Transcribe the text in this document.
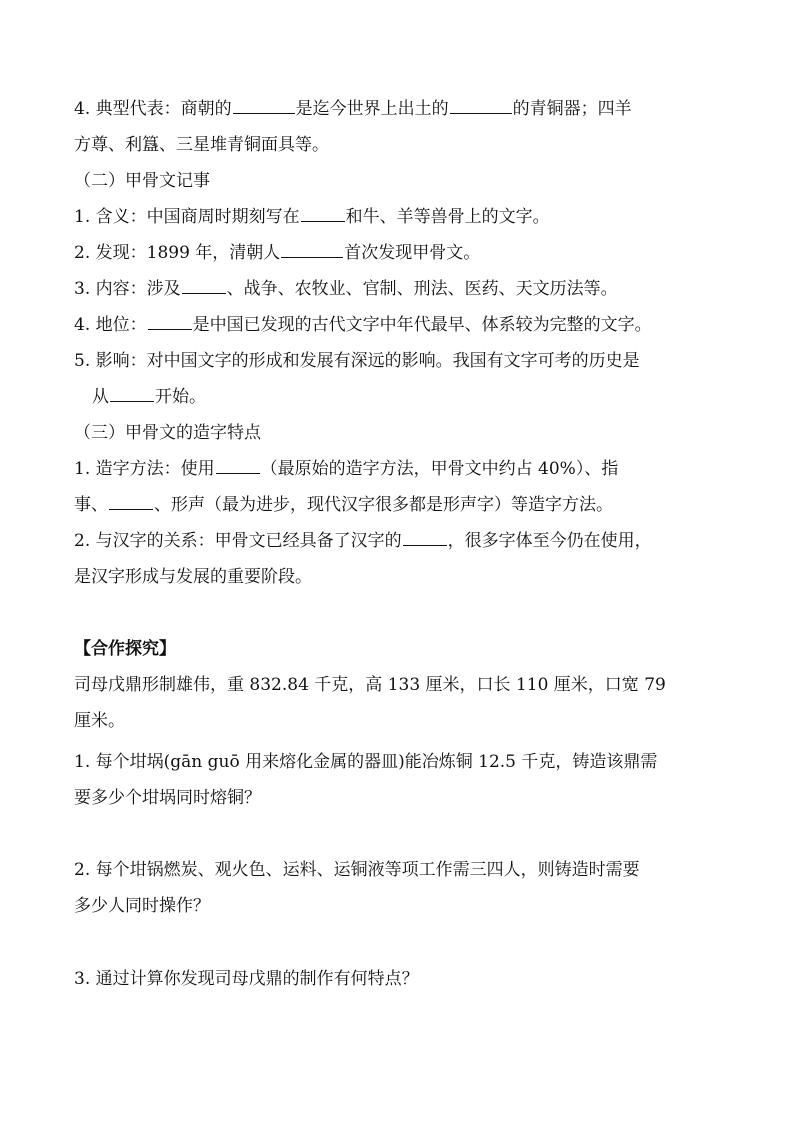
4. 典型代表：商朝的	是迄今世界上出土的	的青铜器；四羊
方尊、利簋、三星堆青铜面具等。
（二）甲骨文记事
1. 含义：中国商周时期刻写在	和牛、羊等兽骨上的文字。
2. 发现：1899 年，清朝人	首次发现甲骨文。
3. 内容：涉及	、战争、农牧业、官制、刑法、医药、天文历法等。
4. 地位：	是中国已发现的古代文字中年代最早、体系较为完整的文字。
5. 影响：对中国文字的形成和发展有深远的影响。我国有文字可考的历史是
从	开始。
（三）甲骨文的造字特点
1. 造字方法：使用	（最原始的造字方法，甲骨文中约占 40%）、指
事、	、形声（最为进步，现代汉字很多都是形声字）等造字方法。
2. 与汉字的关系：甲骨文已经具备了汉字的	，很多字体至今仍在使用，
是汉字形成与发展的重要阶段。
【合作探究】
司母戊鼎形制雄伟，重 832.84 千克，高 133 厘米，口长 110 厘米，口宽 79
厘米。
1. 每个坩埚(gān guō 用来熔化金属的器皿)能冶炼铜 12.5 千克，铸造该鼎需
要多少个坩埚同时熔铜？
2. 每个坩锅燃炭、观火色、运料、运铜液等项工作需三四人，则铸造时需要
多少人同时操作？
3. 通过计算你发现司母戊鼎的制作有何特点？
